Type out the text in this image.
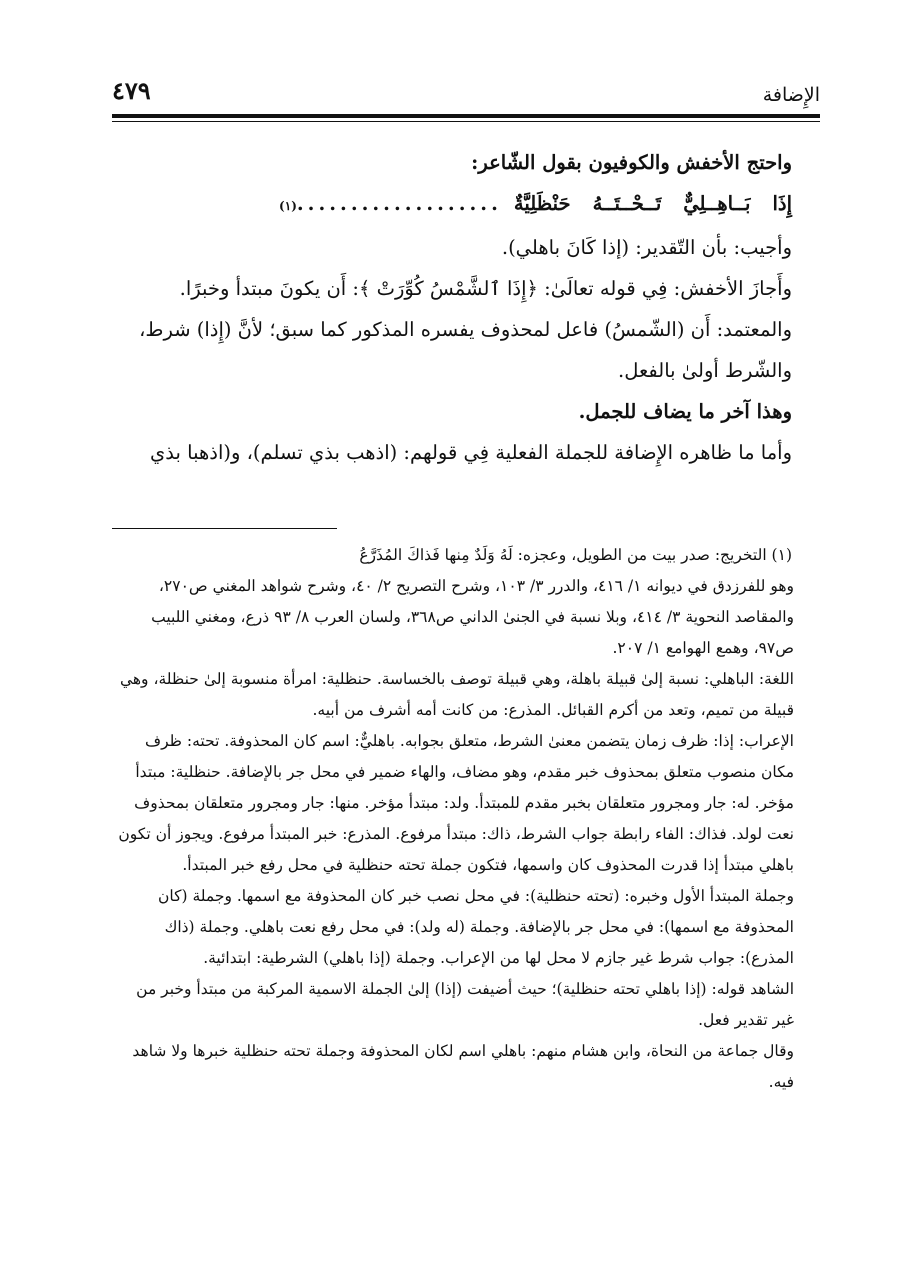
الإِضافة
٤٧٩

واحتج الأخفش والكوفيون بقول الشّاعر:

إِذَا
بَــاهِــلِيٌّ
تَــحْــتَــهُ
حَنْظَلِيَّةٌ
...................
(١)

وأجيب: بأن التّقدير: (إذا كَانَ باهلي).

وأَجازَ الأخفش: فِي قوله تعالَىٰ: ﴿إِذَا ٱلشَّمْسُ كُوِّرَتْ ﴾: أَن يكونَ مبتدأ وخبرًا.

والمعتمد: أَن (الشّمسُ) فاعل لمحذوف يفسره المذكور كما سبق؛ لأنَّ (إِذا) شرط، والشّرط أولىٰ بالفعل.

وهذا آخر ما يضاف للجمل.

وأما ما ظاهره الإِضافة للجملة الفعلية فِي قولهم: (اذهب بذي تسلم)، و(اذهبا بذي

(١) التخريج: صدر بيت من الطويل، وعجزه: لَهُ وَلَدٌ مِنها فَذاكَ المُذَرَّعُ

وهو للفرزدق في ديوانه ١/ ٤١٦، والدرر ٣/ ١٠٣، وشرح التصريح ٢/ ٤٠، وشرح شواهد المغني ص٢٧٠، والمقاصد النحوية ٣/ ٤١٤، وبلا نسبة في الجنىٰ الداني ص٣٦٨، ولسان العرب ٨/ ٩٣ ذرع، ومغني اللبيب ص٩٧، وهمع الهوامع ١/ ٢٠٧.

اللغة: الباهلي: نسبة إلىٰ قبيلة باهلة، وهي قبيلة توصف بالخساسة. حنظلية: امرأة منسوبة إلىٰ حنظلة، وهي قبيلة من تميم، وتعد من أكرم القبائل. المذرع: من كانت أمه أشرف من أبيه.

الإعراب: إذا: ظرف زمان يتضمن معنىٰ الشرط، متعلق بجوابه. باهليٌّ: اسم كان المحذوفة. تحته: ظرف مكان منصوب متعلق بمحذوف خبر مقدم، وهو مضاف، والهاء ضمير في محل جر بالإضافة. حنظلية: مبتدأ مؤخر. له: جار ومجرور متعلقان بخبر مقدم للمبتدأ. ولد: مبتدأ مؤخر. منها: جار ومجرور متعلقان بمحذوف نعت لولد. فذاك: الفاء رابطة جواب الشرط، ذاك: مبتدأ مرفوع. المذرع: خبر المبتدأ مرفوع. ويجوز أن تكون باهلي مبتدأ إذا قدرت المحذوف كان واسمها، فتكون جملة تحته حنظلية في محل رفع خبر المبتدأ.

وجملة المبتدأ الأول وخبره: (تحته حنظلية): في محل نصب خبر كان المحذوفة مع اسمها. وجملة (كان المحذوفة مع اسمها): في محل جر بالإضافة. وجملة (له ولد): في محل رفع نعت باهلي. وجملة (ذاك المذرع): جواب شرط غير جازم لا محل لها من الإعراب. وجملة (إذا باهلي) الشرطية: ابتدائية.

الشاهد قوله: (إذا باهلي تحته حنظلية)؛ حيث أضيفت (إذا) إلىٰ الجملة الاسمية المركبة من مبتدأ وخبر من غير تقدير فعل.

وقال جماعة من النحاة، وابن هشام منهم: باهلي اسم لكان المحذوفة وجملة تحته حنظلية خبرها ولا شاهد فيه.
